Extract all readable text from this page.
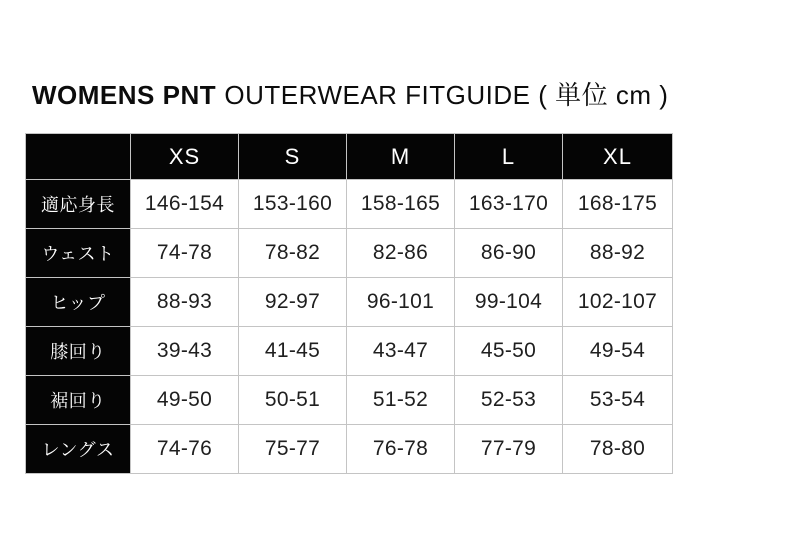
WOMENS PNT OUTERWEAR FITGUIDE ( 単位 cm )
	XS	S	M	L	XL
適応身長	146-154	153-160	158-165	163-170	168-175
ウェスト	74-78	78-82	82-86	86-90	88-92
ヒップ	88-93	92-97	96-101	99-104	102-107
膝回り	39-43	41-45	43-47	45-50	49-54
裾回り	49-50	50-51	51-52	52-53	53-54
レングス	74-76	75-77	76-78	77-79	78-80
